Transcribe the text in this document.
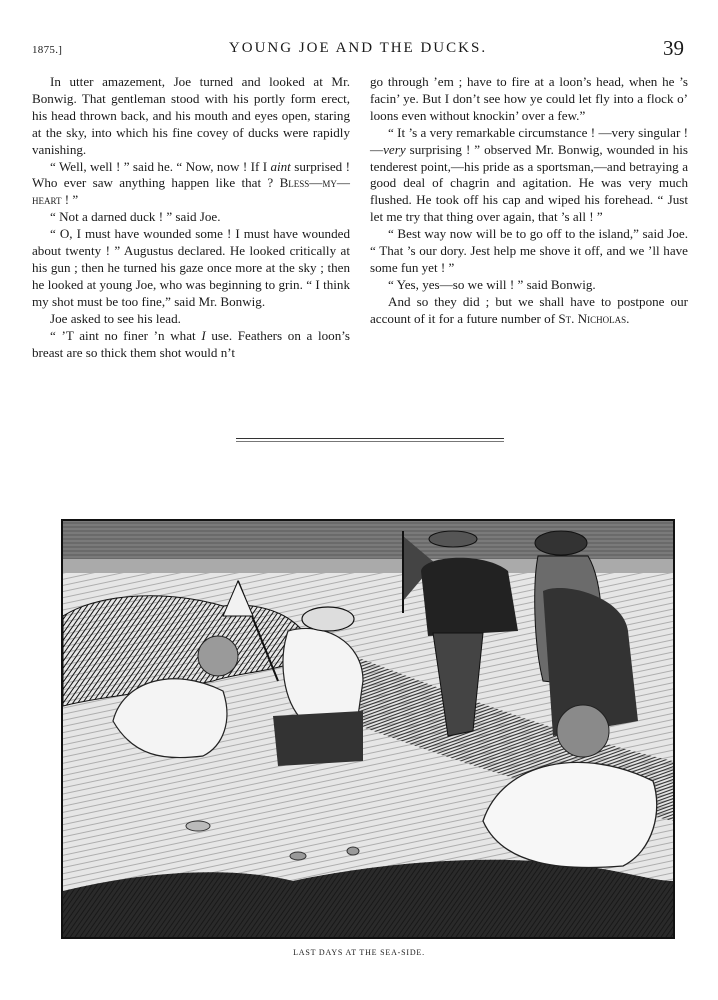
1875.]	YOUNG JOE AND THE DUCKS.	39

In utter amazement, Joe turned and looked at Mr. Bonwig. That gentleman stood with his portly form erect, his head thrown back, and his mouth and eyes open, staring at the sky, into which his fine covey of ducks were rapidly vanishing.

“ Well, well ! ” said he. “ Now, now ! If I aint surprised ! Who ever saw anything happen like that ? Bless—my—heart ! ”

“ Not a darned duck ! ” said Joe.

“ O, I must have wounded some ! I must have wounded about twenty ! ” Augustus declared. He looked critically at his gun ; then he turned his gaze once more at the sky ; then he looked at young Joe, who was beginning to grin. “ I think my shot must be too fine,” said Mr. Bonwig.

Joe asked to see his lead.

“ ’T aint no finer ’n what I use. Feathers on a loon’s breast are so thick them shot would n’t

go through ’em ; have to fire at a loon’s head, when he ’s facin’ ye. But I don’t see how ye could let fly into a flock o’ loons even without knockin’ over a few.”

“ It ’s a very remarkable circumstance ! —very singular ! —very surprising ! ” observed Mr. Bonwig, wounded in his tenderest point,—his pride as a sportsman,—and betraying a good deal of chagrin and agitation. He was very much flushed. He took off his cap and wiped his forehead. “ Just let me try that thing over again, that ’s all ! ”

“ Best way now will be to go off to the island,” said Joe. “ That ’s our dory. Jest help me shove it off, and we ’ll have some fun yet ! ”

“ Yes, yes—so we will ! ” said Bonwig.

And so they did ; but we shall have to postpone our account of it for a future number of St. Nicholas.

LAST DAYS AT THE SEA-SIDE.
